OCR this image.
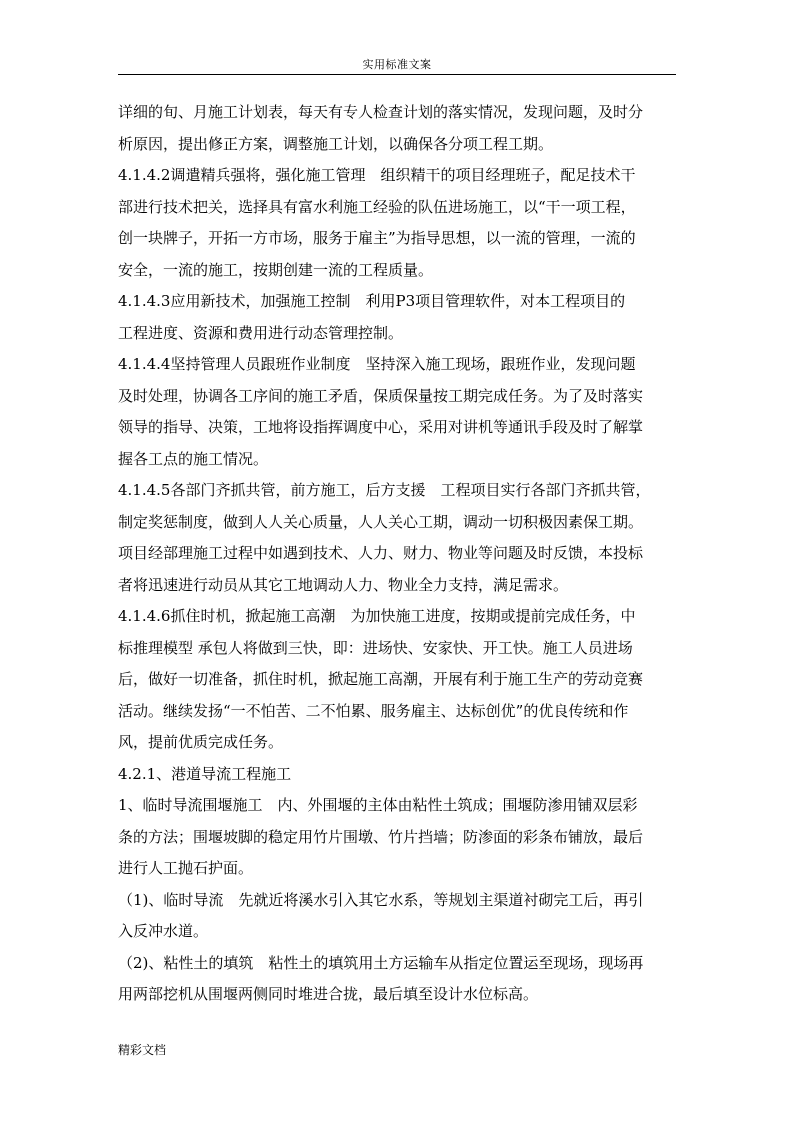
实用标准文案
详细的旬、月施工计划表，每天有专人检查计划的落实情况，发现问题，及时分
析原因，提出修正方案，调整施工计划，以确保各分项工程工期。
4.1.4.2调遣精兵强将，强化施工管理　组织精干的项目经理班子，配足技术干
部进行技术把关，选择具有富水利施工经验的队伍进场施工，以“干一项工程，
创一块牌子，开拓一方市场，服务于雇主”为指导思想，以一流的管理，一流的
安全，一流的施工，按期创建一流的工程质量。
4.1.4.3应用新技术，加强施工控制　利用P3项目管理软件，对本工程项目的
工程进度、资源和费用进行动态管理控制。
4.1.4.4坚持管理人员跟班作业制度　坚持深入施工现场，跟班作业，发现问题
及时处理，协调各工序间的施工矛盾，保质保量按工期完成任务。为了及时落实
领导的指导、决策，工地将设指挥调度中心，采用对讲机等通讯手段及时了解掌
握各工点的施工情况。
4.1.4.5各部门齐抓共管，前方施工，后方支援　工程项目实行各部门齐抓共管，
制定奖惩制度，做到人人关心质量，人人关心工期，调动一切积极因素保工期。
项目经部理施工过程中如遇到技术、人力、财力、物业等问题及时反馈，本投标
者将迅速进行动员从其它工地调动人力、物业全力支持，满足需求。
4.1.4.6抓住时机，掀起施工高潮　为加快施工进度，按期或提前完成任务，中
标推理模型 承包人将做到三快，即：进场快、安家快、开工快。施工人员进场
后，做好一切准备，抓住时机，掀起施工高潮，开展有利于施工生产的劳动竞赛
活动。继续发扬“一不怕苦、二不怕累、服务雇主、达标创优”的优良传统和作
风，提前优质完成任务。
4.2.1、港道导流工程施工
1、临时导流围堰施工　内、外围堰的主体由粘性土筑成；围堰防渗用铺双层彩
条的方法；围堰坡脚的稳定用竹片围墩、竹片挡墙；防渗面的彩条布铺放，最后
进行人工抛石护面。
（1)、临时导流　先就近将溪水引入其它水系，等规划主渠道衬砌完工后，再引
入反冲水道。
（2)、粘性土的填筑　粘性土的填筑用土方运输车从指定位置运至现场，现场再
用两部挖机从围堰两侧同时堆进合拢，最后填至设计水位标高。
精彩文档
